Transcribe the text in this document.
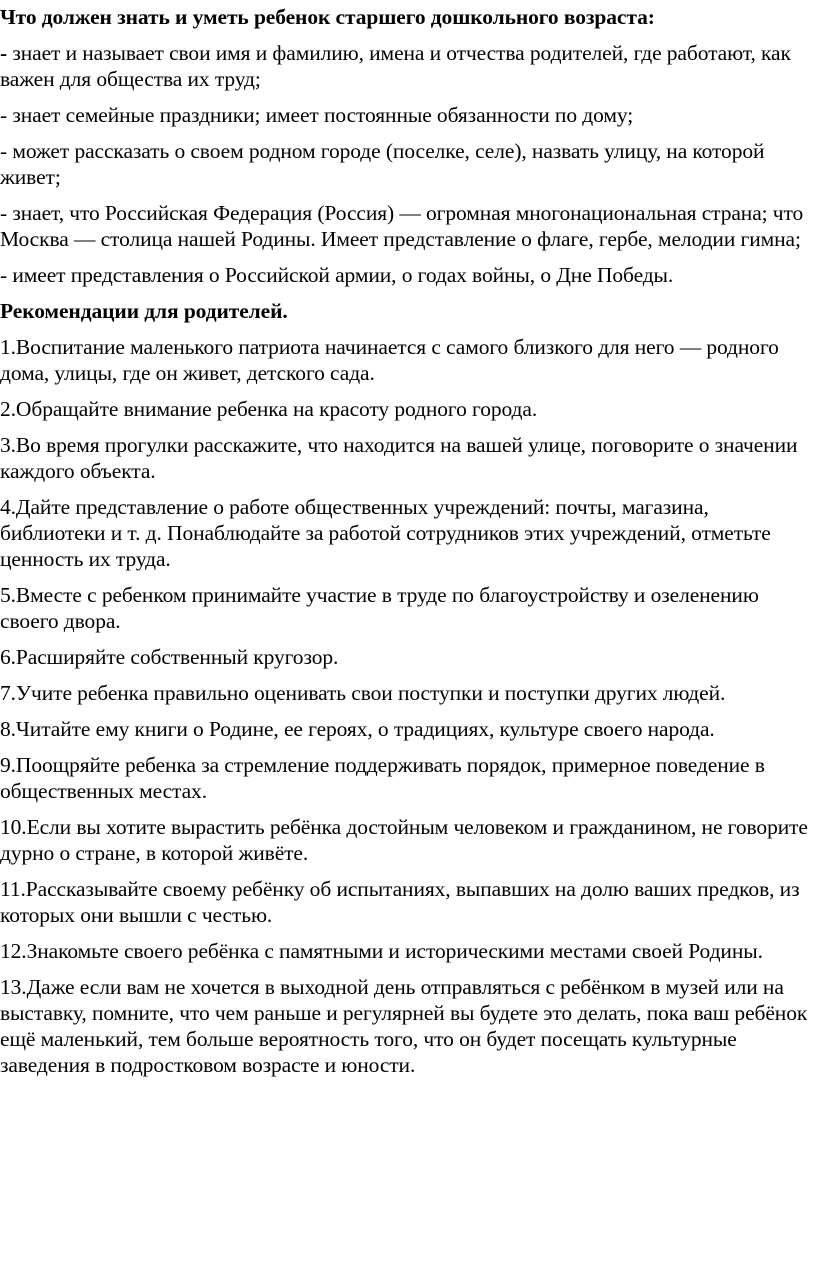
Что должен знать и уметь ребенок старшего дошкольного возраста:

- знает и называет свои имя и фамилию, имена и отчества родителей, где работают, как важен для общества их труд;

- знает семейные праздники; имеет постоянные обязанности по дому;

- может рассказать о своем родном городе (поселке, селе), назвать улицу, на которой живет;

- знает, что Российская Федерация (Россия) — огромная многонациональная страна; что Москва — столица нашей Родины. Имеет представление о флаге, гербе, мелодии гимна;

- имеет представления о Российской армии, о годах войны, о Дне Победы.

Рекомендации для родителей.

1.Воспитание маленького патриота начинается с самого близкого для него — родного дома, улицы, где он живет, детского сада.

2.Обращайте внимание ребенка на красоту родного города.

3.Во время прогулки расскажите, что находится на вашей улице, поговорите о значении каждого объекта.

4.Дайте представление о работе общественных учреждений: почты, магазина, библиотеки и т. д. Понаблюдайте за работой сотрудников этих учреждений, отметьте ценность их труда.

5.Вместе с ребенком принимайте участие в труде по благоустройству и озеленению своего двора.

6.Расширяйте собственный кругозор.

7.Учите ребенка правильно оценивать свои поступки и поступки других людей.

8.Читайте ему книги о Родине, ее героях, о традициях, культуре своего народа.

9.Поощряйте ребенка за стремление поддерживать порядок, примерное поведение в общественных местах.

10.Если вы хотите вырастить ребёнка достойным человеком и гражданином, не говорите дурно о стране, в которой живёте.

11.Рассказывайте своему ребёнку об испытаниях, выпавших на долю ваших предков, из которых они вышли с честью.

12.Знакомьте своего ребёнка с памятными и историческими местами своей Родины.

13.Даже если вам не хочется в выходной день отправляться с ребёнком в музей или на выставку, помните, что чем раньше и регулярней вы будете это делать, пока ваш ребёнок ещё маленький, тем больше вероятность того, что он будет посещать культурные заведения в подростковом возрасте и юности.
